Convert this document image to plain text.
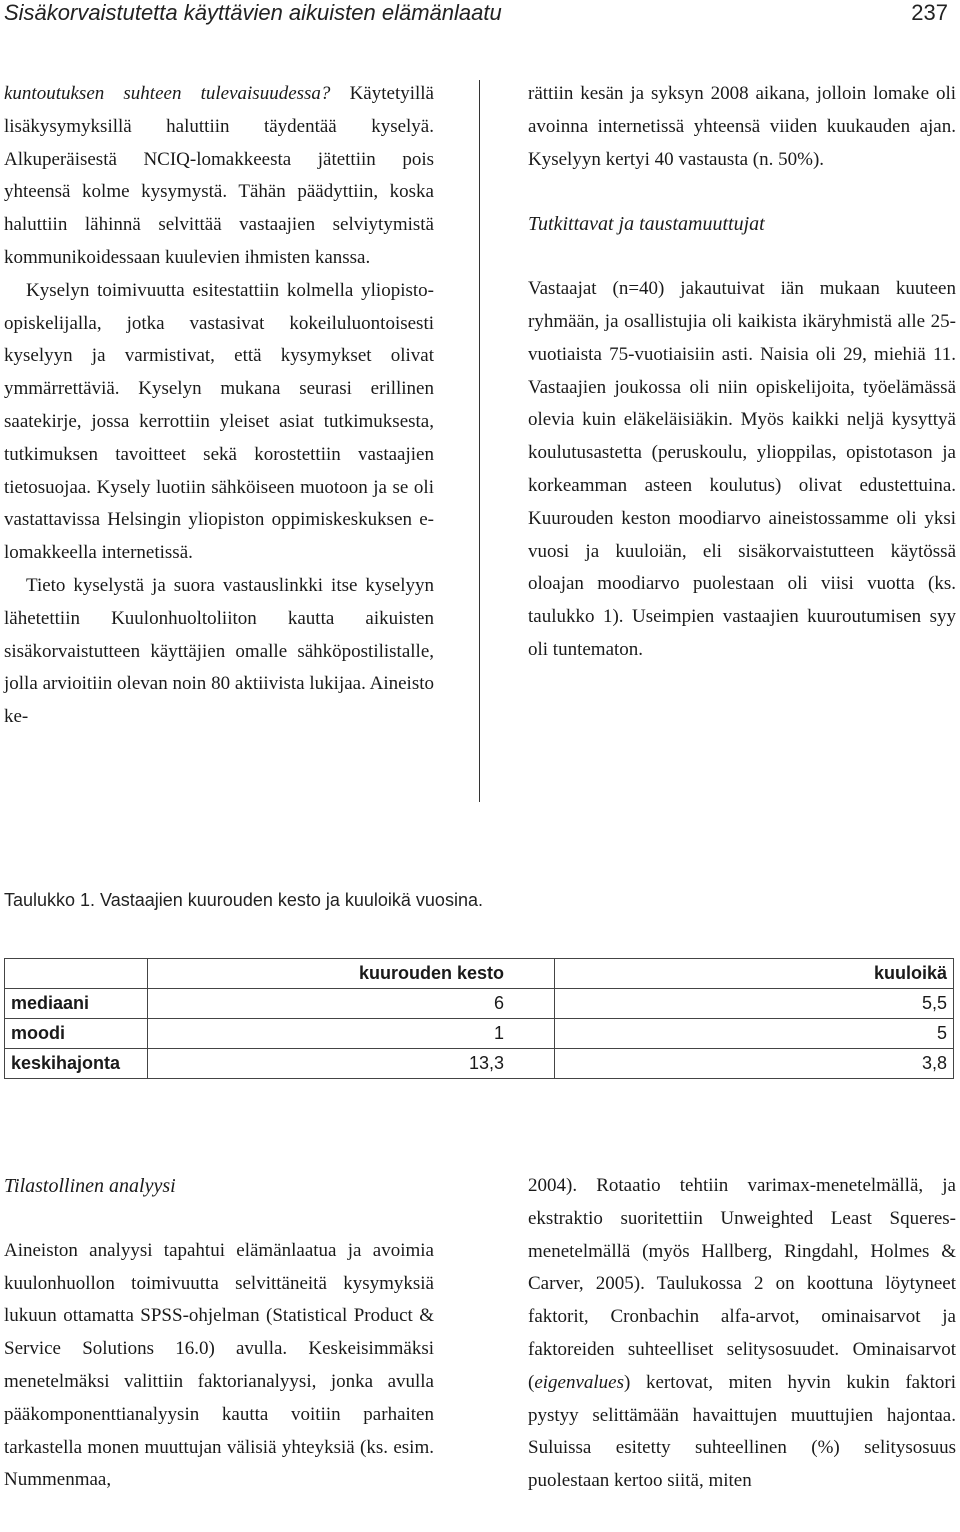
Sisäkorvaistutetta käyttävien aikuisten elämänlaatu	237

kuntoutuksen suhteen tulevaisuudessa? Käytetyillä lisäkysymyksillä haluttiin täydentää kyselyä. Alkuperäisestä NCIQ-lomakkeesta jätettiin pois yhteensä kolme kysymystä. Tähän päädyttiin, koska haluttiin lähinnä selvittää vastaajien selviytymistä kommunikoidessaan kuulevien ihmisten kanssa.

Kyselyn toimivuutta esitestattiin kolmella yliopisto-opiskelijalla, jotka vastasivat kokeiluluontoisesti kyselyyn ja varmistivat, että kysymykset olivat ymmärrettäviä. Kyselyn mukana seurasi erillinen saatekirje, jossa kerrottiin yleiset asiat tutkimuksesta, tutkimuksen tavoitteet sekä korostettiin vastaajien tietosuojaa. Kysely luotiin sähköiseen muotoon ja se oli vastattavissa Helsingin yliopiston oppimiskeskuksen e-lomakkeella internetissä.

Tieto kyselystä ja suora vastauslinkki itse kyselyyn lähetettiin Kuulonhuoltoliiton kautta aikuisten sisäkorvaistutteen käyttäjien omalle sähköpostilistalle, jolla arvioitiin olevan noin 80 aktiivista lukijaa. Aineisto ke-

rättiin kesän ja syksyn 2008 aikana, jolloin lomake oli avoinna internetissä yhteensä viiden kuukauden ajan. Kyselyyn kertyi 40 vastausta (n. 50%).

Tutkittavat ja taustamuuttujat

Vastaajat (n=40) jakautuivat iän mukaan kuuteen ryhmään, ja osallistujia oli kaikista ikäryhmistä alle 25-vuotiaista 75-vuotiaisiin asti. Naisia oli 29, miehiä 11. Vastaajien joukossa oli niin opiskelijoita, työelämässä olevia kuin eläkeläisiäkin. Myös kaikki neljä kysyttyä koulutusastetta (peruskoulu, ylioppilas, opistotason ja korkeamman asteen koulutus) olivat edustettuina. Kuurouden keston moodiarvo aineistossamme oli yksi vuosi ja kuuloiän, eli sisäkorvaistutteen käytössä oloajan moodiarvo puolestaan oli viisi vuotta (ks. taulukko 1). Useimpien vastaajien kuuroutumisen syy oli tuntematon.

Taulukko 1. Vastaajien kuurouden kesto ja kuuloikä vuosina.
	kuurouden kesto	kuuloikä
mediaani	6	5,5
moodi	1	5
keskihajonta	13,3	3,8

Tilastollinen analyysi

Aineiston analyysi tapahtui elämänlaatua ja avoimia kuulonhuollon toimivuutta selvittäneitä kysymyksiä lukuun ottamatta SPSS-ohjelman (Statistical Product & Service Solutions 16.0) avulla. Keskeisimmäksi menetelmäksi valittiin faktorianalyysi, jonka avulla pääkomponenttianalyysin kautta voitiin parhaiten tarkastella monen muuttujan välisiä yhteyksiä (ks. esim. Nummenmaa,

2004). Rotaatio tehtiin varimax-menetelmällä, ja ekstraktio suoritettiin Unweighted Least Squeres-menetelmällä (myös Hallberg, Ringdahl, Holmes & Carver, 2005). Taulukossa 2 on koottuna löytyneet faktorit, Cronbachin alfa-arvot, ominaisarvot ja faktoreiden suhteelliset selitysosuudet. Ominaisarvot (eigenvalues) kertovat, miten hyvin kukin faktori pystyy selittämään havaittujen muuttujien hajontaa. Suluissa esitetty suhteellinen (%) selitysosuus puolestaan kertoo siitä, miten
